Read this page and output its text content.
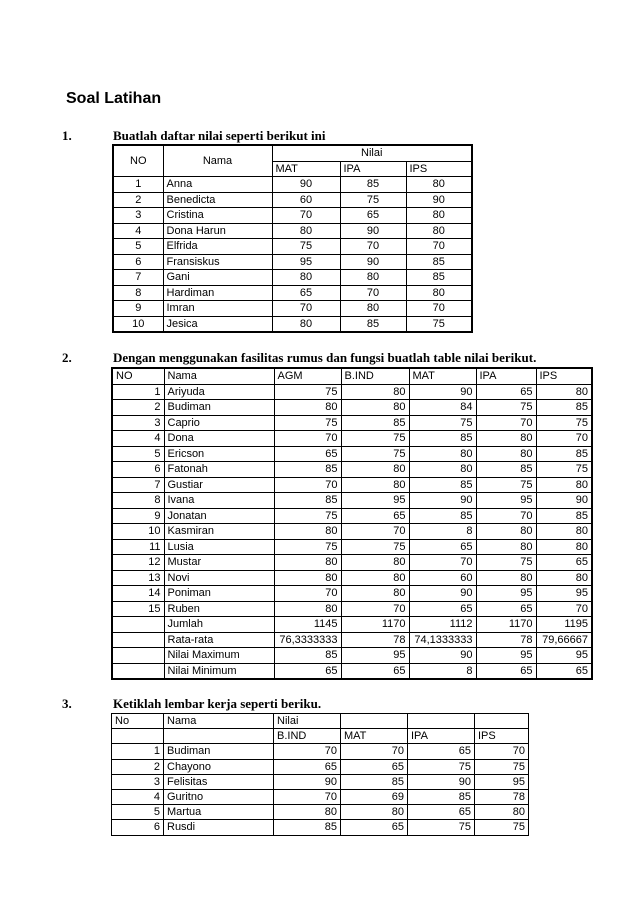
Soal Latihan
1.	Buatlah daftar nilai seperti berikut ini
NO	Nama	Nilai		
		MAT	IPA	IPS
1	Anna	90	85	80
2	Benedicta	60	75	90
3	Cristina	70	65	80
4	Dona Harun	80	90	80
5	Elfrida	75	70	70
6	Fransiskus	95	90	85
7	Gani	80	80	85
8	Hardiman	65	70	80
9	Imran	70	80	70
10	Jesica	80	85	75
2.	Dengan menggunakan fasilitas rumus dan fungsi buatlah table nilai berikut.
NO	Nama	AGM	B.IND	MAT	IPA	IPS
1	Ariyuda	75	80	90	65	80
2	Budiman	80	80	84	75	85
3	Caprio	75	85	75	70	75
4	Dona	70	75	85	80	70
5	Ericson	65	75	80	80	85
6	Fatonah	85	80	80	85	75
7	Gustiar	70	80	85	75	80
8	Ivana	85	95	90	95	90
9	Jonatan	75	65	85	70	85
10	Kasmiran	80	70	8	80	80
11	Lusia	75	75	65	80	80
12	Mustar	80	80	70	75	65
13	Novi	80	80	60	80	80
14	Poniman	70	80	90	95	95
15	Ruben	80	70	65	65	70
	Jumlah	1145	1170	1112	1170	1195
	Rata-rata	76,3333333	78	74,1333333	78	79,66667
	Nilai Maximum	85	95	90	95	95
	Nilai Minimum	65	65	8	65	65
3.	Ketiklah lembar kerja seperti beriku.
No	Nama	Nilai			
		B.IND	MAT	IPA	IPS
1	Budiman	70	70	65	70
2	Chayono	65	65	75	75
3	Felisitas	90	85	90	95
4	Guritno	70	69	85	78
5	Martua	80	80	65	80
6	Rusdi	85	65	75	75
